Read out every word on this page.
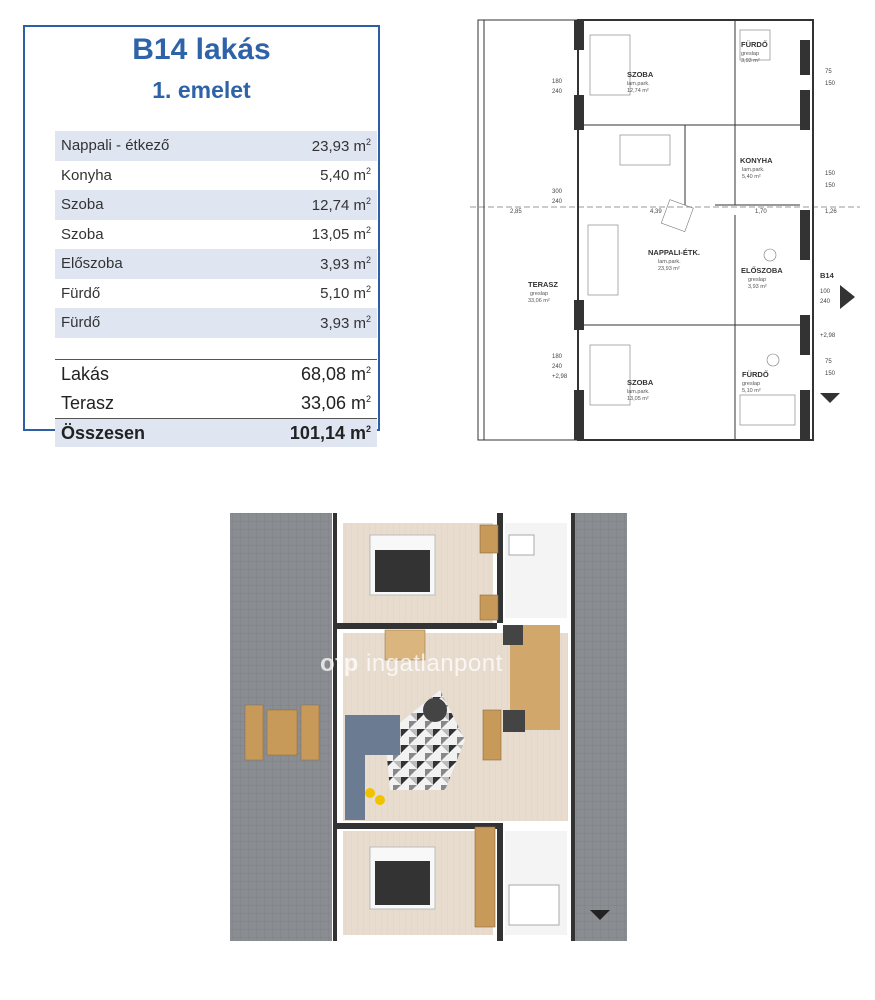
B14 lakás
1. emelet
Nappali - étkező	23,93 $m^2$
Konyha	5,40 $m^2$
Szoba	12,74 $m^2$
Szoba	13,05 $m^2$
Előszoba	3,93 $m^2$
Fürdő	5,10 $m^2$
Fürdő	3,93 $m^2$
Lakás	68,08 $m^2$
Terasz	33,06 $m^2$
Összesen	101,14 $m^2$
SZOBA
lam.park.
12,74 m²
FÜRDŐ
greslap
3,93 m²
KONYHA
lam.park.
5,40 m²
NAPPALI-ÉTK.
lam.park.
23,93 m²	ELŐSZOBA
greslap
3,93 m²
TERASZ
greslap
33,06 m²
SZOBA
lam.park.
13,05 m²
FÜRDŐ
greslap
5,10 m²
B14
180
240
300
240
2,85	4,39	1,70	1,26
75
150
150
150
100
240
+2,98
75
150
180
240
+2,98
otp ingatlanpont
